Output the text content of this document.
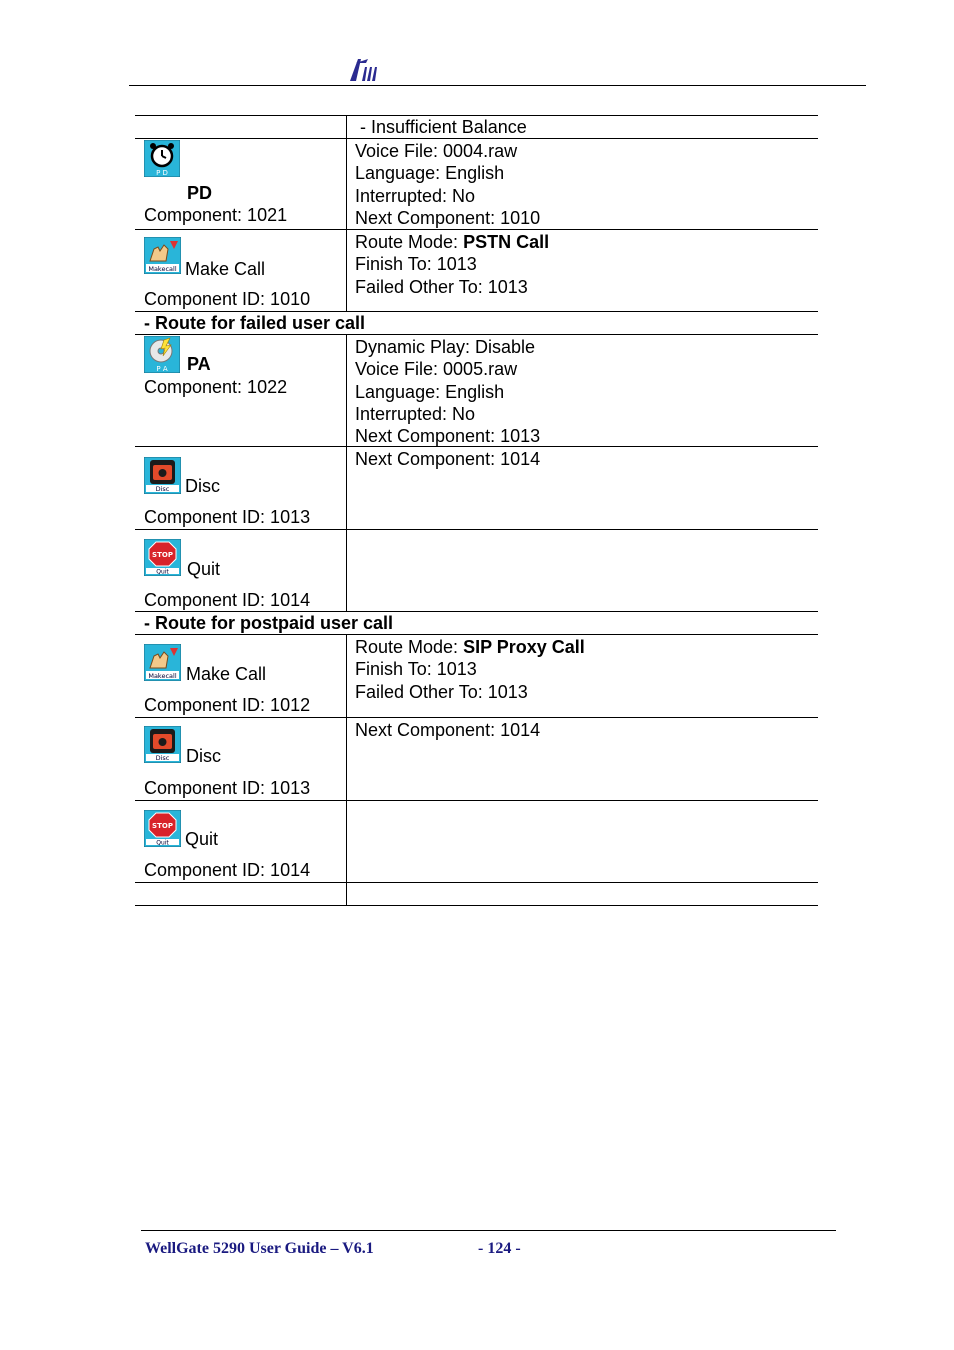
- Insufficient Balance
P D
PD
Component: 1021
Voice File: 0004.raw
Language: English
Interrupted: No
Next Component: 1010
Makecall Make Call
Component ID: 1010
Route Mode: PSTN Call
Finish To: 1013
Failed Other To: 1013
- Route for failed user call
P A PA
Component: 1022
Dynamic Play: Disable
Voice File: 0005.raw
Language: English
Interrupted: No
Next Component: 1013
Disc Disc
Component ID: 1013
Next Component: 1014
STOP
Quit Quit
Component ID: 1014
- Route for postpaid user call
Makecall Make Call
Component ID: 1012
Route Mode: SIP Proxy Call
Finish To: 1013
Failed Other To: 1013
Disc Disc
Component ID: 1013
Next Component: 1014
STOP
Quit Quit
Component ID: 1014
WellGate 5290 User Guide – V6.1	- 124 -
